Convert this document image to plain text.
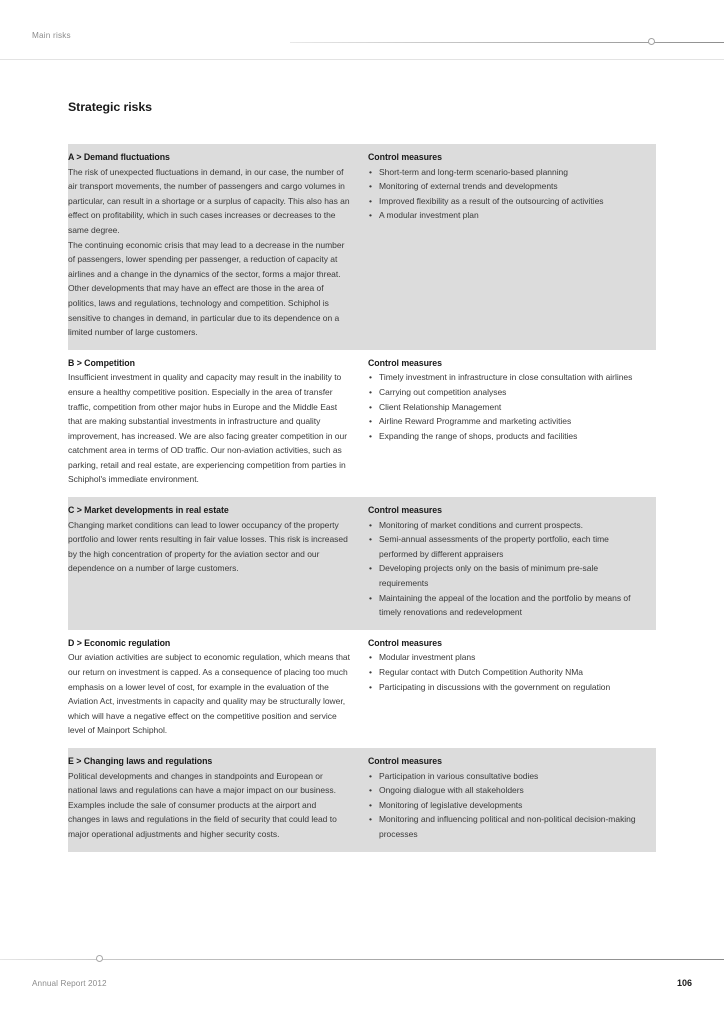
Main risks
Strategic risks
A > Demand fluctuations

The risk of unexpected fluctuations in demand, in our case, the number of air transport movements, the number of passengers and cargo volumes in particular, can result in a shortage or a surplus of capacity. This also has an effect on profitability, which in such cases increases or decreases to the same degree.

The continuing economic crisis that may lead to a decrease in the number of passengers, lower spending per passenger, a reduction of capacity at airlines and a change in the dynamics of the sector, forms a major threat. Other developments that may have an effect are those in the area of politics, laws and regulations, technology and competition. Schiphol is sensitive to changes in demand, in particular due to its dependence on a limited number of large customers.

Control measures
• Short-term and long-term scenario-based planning
• Monitoring of external trends and developments
• Improved flexibility as a result of the outsourcing of activities
• A modular investment plan
B > Competition

Insufficient investment in quality and capacity may result in the inability to ensure a healthy competitive position. Especially in the area of transfer traffic, competition from other major hubs in Europe and the Middle East that are making substantial investments in infrastructure and quality improvement, has increased. We are also facing greater competition in our catchment area in terms of OD traffic. Our non-aviation activities, such as parking, retail and real estate, are experiencing competition from parties in Schiphol's immediate environment.

Control measures
• Timely investment in infrastructure in close consultation with airlines
• Carrying out competition analyses
• Client Relationship Management
• Airline Reward Programme and marketing activities
• Expanding the range of shops, products and facilities
C > Market developments in real estate

Changing market conditions can lead to lower occupancy of the property portfolio and lower rents resulting in fair value losses. This risk is increased by the high concentration of property for the aviation sector and our dependence on a number of large customers.

Control measures
• Monitoring of market conditions and current prospects.
• Semi-annual assessments of the property portfolio, each time performed by different appraisers
• Developing projects only on the basis of minimum pre-sale requirements
• Maintaining the appeal of the location and the portfolio by means of timely renovations and redevelopment
D > Economic regulation

Our aviation activities are subject to economic regulation, which means that our return on investment is capped. As a consequence of placing too much emphasis on a lower level of cost, for example in the evaluation of the Aviation Act, investments in capacity and quality may be structurally lower, which will have a negative effect on the competitive position and service level of Mainport Schiphol.

Control measures
• Modular investment plans
• Regular contact with Dutch Competition Authority NMa
• Participating in discussions with the government on regulation
E > Changing laws and regulations

Political developments and changes in standpoints and European or national laws and regulations can have a major impact on our business. Examples include the sale of consumer products at the airport and changes in laws and regulations in the field of security that could lead to major operational adjustments and higher security costs.

Control measures
• Participation in various consultative bodies
• Ongoing dialogue with all stakeholders
• Monitoring of legislative developments
• Monitoring and influencing political and non-political decision-making processes
Annual Report 2012	106
